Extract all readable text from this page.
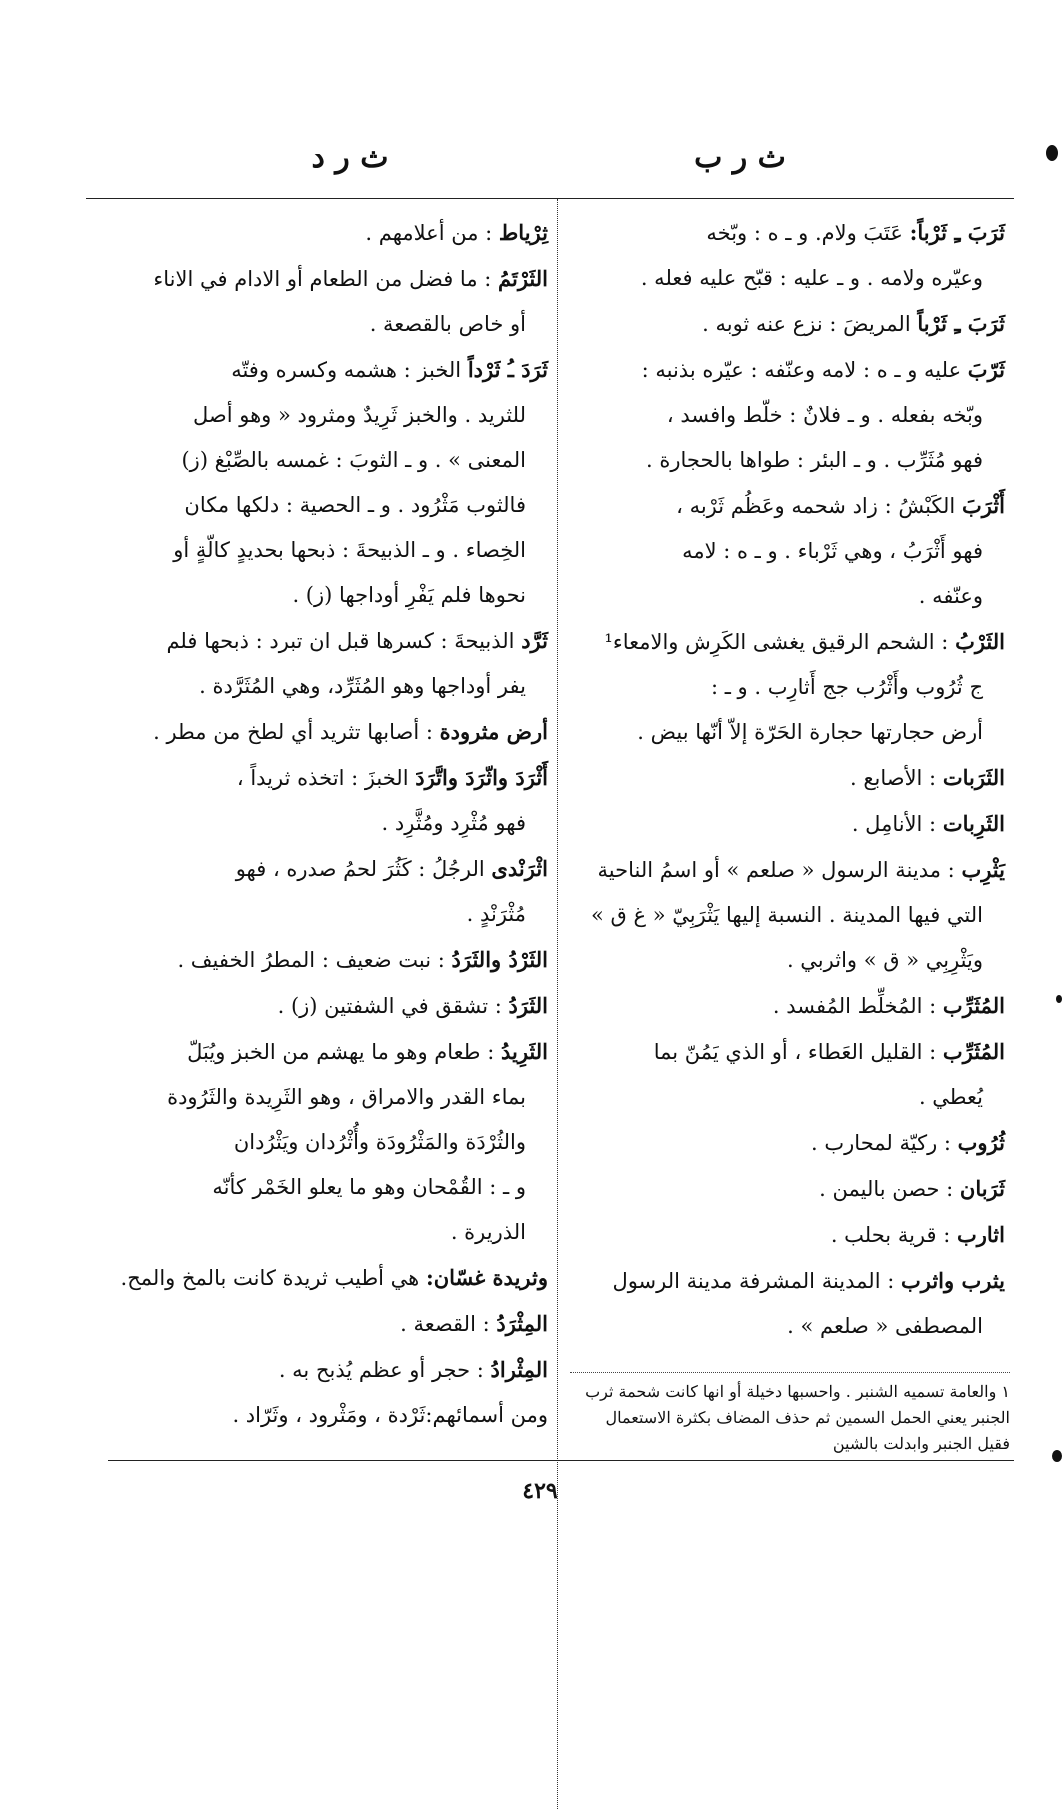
ث ر ب
ث ر د
ثَرَبَ ـِ ثَرْباً: عَتَبَ ولام. و ـ ه : وبّخه
وعيّره ولامه . و ـ عليه : قبّح عليه فعله .
ثَرَبَ ـِ ثَرْباً المريضَ : نزع عنه ثوبه .
ثَرّبَ عليه و ـ ه : لامه وعنّفه : عيّره بذنبه :
وبّخه بفعله . و ـ فلانٌ : خلّط وافسد ،
فهو مُثَرِّب . و ـ البئر : طواها بالحجارة .
أَثْرَبَ الكَبْشُ : زاد شحمه وعَظُم ثَرْبه ،
فهو أَثْرَبُ ، وهي ثَرْباء . و ـ ه : لامه
وعنّفه .
الثَرْبُ : الشحم الرقيق يغشى الكَرِش والامعاء¹
ج ثُرُوب وأَثْرُب جج أَثارِب . و ـ :
أرض حجارتها حجارة الحَرّة إلاّ أنّها بيض .
الثَرَبات : الأصابع .
الثَرِبات : الأنامِل .
يَثْرِب : مدينة الرسول « صلعم » أو اسمُ الناحية
التي فيها المدينة . النسبة إليها يَثْرَبِيّ « غ ق »
ويَثْرِبِي « ق » واثربي .
المُثَرِّب : المُخلِّط المُفسد .
المُثَرِّب : القليل العَطاء ، أو الذي يَمُنّ بما
يُعطي .
ثُرُوب : ركيّة لمحارب .
ثَرَبان : حصن باليمن .
اثارب : قرية بحلب .
يثرب واثرب : المدينة المشرفة مدينة الرسول
المصطفى « صلعم » .
ثِرْياط : من أعلامهم .
الثَرْتَمُ : ما فضل من الطعام أو الادام في الاناء
أو خاص بالقصعة .
ثَرَدَ ـُ ثَرْداً الخبز : هشمه وكسره وفتّه
للثريد . والخبز ثَرِيدٌ ومثرود « وهو أصل
المعنى » . و ـ الثوبَ : غمسه بالصِّبْغ (ز)
فالثوب مَثْرُود . و ـ الحصية : دلكها مكان
الخِصاء . و ـ الذبيحةَ : ذبحها بحديدٍ كالّةٍ أو
نحوها فلم يَفْرِ أوداجها (ز) .
ثَرَّد الذبيحةَ : كسرها قبل ان تبرد : ذبحها فلم
يفر أوداجها وهو المُثَرِّد، وهي المُثَرَّدة .
أرض مثرودة : أصابها تثريد أي لطخ من مطر .
أَثْرَدَ واثّرَدَ واتَّرَدَ الخبزَ : اتخذه ثريداً ،
فهو مُثْرِد ومُثَّرِد .
اثْرَنْدى الرجُلُ : كَثُرَ لحمُ صدره ، فهو
مُثْرَنْدٍ .
الثَرْدُ والثَرَدُ : نبت ضعيف : المطرُ الخفيف .
الثَرَدُ : تشقق في الشفتين (ز) .
الثَرِيدُ : طعام وهو ما يهشم من الخبز ويُبَلّ
بماء القدر والامراق ، وهو الثَرِيدة والثَرُودة
والثُرْدَة والمَثْرُودَة وأُثْرُدان ويَثْرُدان
و ـ : القُمْحان وهو ما يعلو الخَمْر كأنّه
الذريرة .
وثريدة غسّان: هي أطيب ثريدة كانت بالمخ والمح.
المِثْرَدُ : القصعة .
المِثْرادُ : حجر أو عظم يُذبح به .
ومن أسمائهم:ثَرْدة ، ومَثْرود ، وثَرّاد .
١ والعامة تسميه الشنبر . واحسبها دخيلة أو انها كانت شحمة ثرب الجنبر يعني الحمل السمين ثم حذف المضاف بكثرة الاستعمال فقيل الجنبر وابدلت بالشين
٤٢٩
